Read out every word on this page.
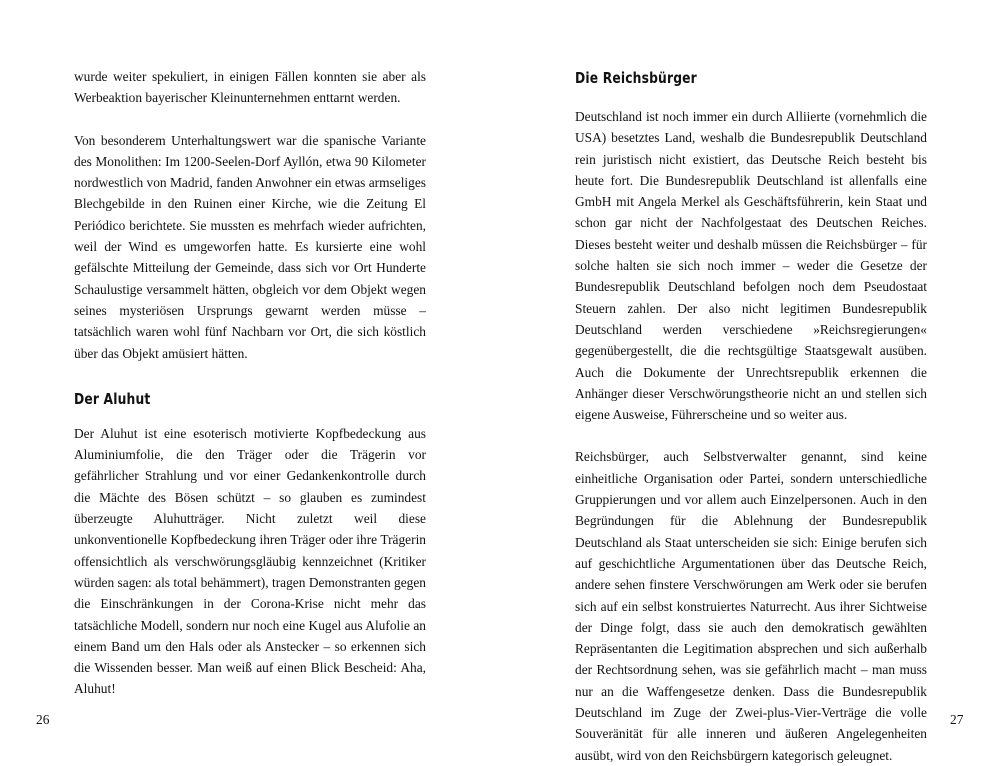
wurde weiter spekuliert, in einigen Fällen konnten sie aber als Werbeaktion bayerischer Kleinunternehmen enttarnt werden.

Von besonderem Unterhaltungswert war die spanische Variante des Monolithen: Im 1200-Seelen-Dorf Ayllón, etwa 90 Kilometer nordwestlich von Madrid, fanden Anwohner ein etwas armseliges Blechgebilde in den Ruinen einer Kirche, wie die Zeitung El Periódico berichtete. Sie mussten es mehrfach wieder aufrichten, weil der Wind es umgeworfen hatte. Es kursierte eine wohl gefälschte Mitteilung der Gemeinde, dass sich vor Ort Hunderte Schaulustige versammelt hätten, obgleich vor dem Objekt wegen seines mysteriösen Ursprungs gewarnt werden müsse – tatsächlich waren wohl fünf Nachbarn vor Ort, die sich köstlich über das Objekt amüsiert hätten.

Der Aluhut

Der Aluhut ist eine esoterisch motivierte Kopfbedeckung aus Aluminiumfolie, die den Träger oder die Trägerin vor gefährlicher Strahlung und vor einer Gedankenkontrolle durch die Mächte des Bösen schützt – so glauben es zumindest überzeugte Aluhutträger. Nicht zuletzt weil diese unkonventionelle Kopfbedeckung ihren Träger oder ihre Trägerin offensichtlich als verschwörungsgläubig kennzeichnet (Kritiker würden sagen: als total behämmert), tragen Demonstranten gegen die Einschränkungen in der Corona-Krise nicht mehr das tatsächliche Modell, sondern nur noch eine Kugel aus Alufolie an einem Band um den Hals oder als Anstecker – so erkennen sich die Wissenden besser. Man weiß auf einen Blick Bescheid: Aha, Aluhut!

Die Reichsbürger

Deutschland ist noch immer ein durch Alliierte (vornehmlich die USA) besetztes Land, weshalb die Bundesrepublik Deutschland rein juristisch nicht existiert, das Deutsche Reich besteht bis heute fort. Die Bundesrepublik Deutschland ist allenfalls eine GmbH mit Angela Merkel als Geschäftsführerin, kein Staat und schon gar nicht der Nachfolgestaat des Deutschen Reiches. Dieses besteht weiter und deshalb müssen die Reichsbürger – für solche halten sie sich noch immer – weder die Gesetze der Bundesrepublik Deutschland befolgen noch dem Pseudostaat Steuern zahlen. Der also nicht legitimen Bundesrepublik Deutschland werden verschiedene »Reichsregierungen« gegenübergestellt, die die rechtsgültige Staatsgewalt ausüben. Auch die Dokumente der Unrechtsrepublik erkennen die Anhänger dieser Verschwörungstheorie nicht an und stellen sich eigene Ausweise, Führerscheine und so weiter aus.

Reichsbürger, auch Selbstverwalter genannt, sind keine einheitliche Organisation oder Partei, sondern unterschiedliche Gruppierungen und vor allem auch Einzelpersonen. Auch in den Begründungen für die Ablehnung der Bundesrepublik Deutschland als Staat unterscheiden sie sich: Einige berufen sich auf geschichtliche Argumentationen über das Deutsche Reich, andere sehen finstere Verschwörungen am Werk oder sie berufen sich auf ein selbst konstruiertes Naturrecht. Aus ihrer Sichtweise der Dinge folgt, dass sie auch den demokratisch gewählten Repräsentanten die Legitimation absprechen und sich außerhalb der Rechtsordnung sehen, was sie gefährlich macht – man muss nur an die Waffengesetze denken. Dass die Bundesrepublik Deutschland im Zuge der Zwei-plus-Vier-Verträge die volle Souveränität für alle inneren und äußeren Angelegenheiten ausübt, wird von den Reichsbürgern kategorisch geleugnet.

26	27
